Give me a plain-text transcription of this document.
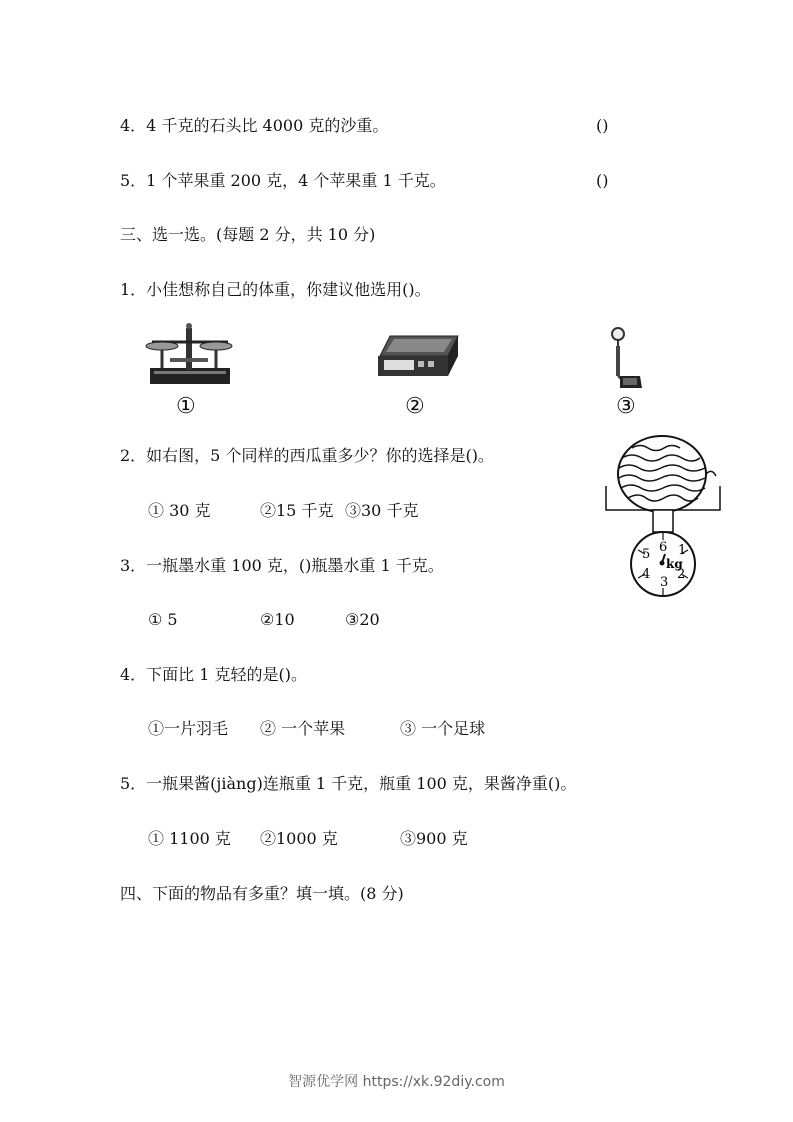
4．4 千克的石头比 4000 克的沙重。	()
5．1 个苹果重 200 克，4 个苹果重 1 千克。	()
三、选一选。(每题 2 分，共 10 分)
1．小佳想称自己的体重，你建议他选用()。
①	②	③
2．如右图，5 个同样的西瓜重多少？你的选择是()。
① 30 克	②15 千克 ③30 千克
6 1
2
3
4
5
kg
3．一瓶墨水重 100 克，()瓶墨水重 1 千克。
① 5	②10	③20
4．下面比 1 克轻的是()。
①一片羽毛 ② 一个苹果	③ 一个足球
5．一瓶果酱(jiàng)连瓶重 1 千克，瓶重 100 克，果酱净重()。
① 1100 克 ②1000 克	③900 克
四、下面的物品有多重？填一填。(8 分)
智源优学网 https://xk.92diy.com
